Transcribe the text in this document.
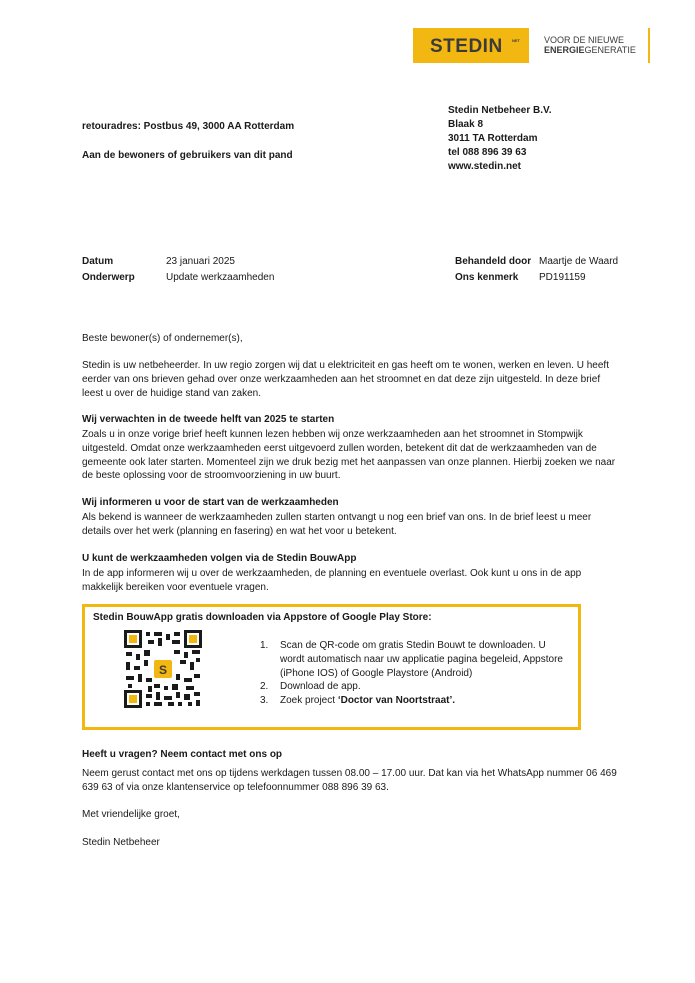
STEDIN NET	VOOR DE NIEUWE
ENERGIEGENERATIE
Stedin Netbeheer B.V.
Blaak 8
3011 TA Rotterdam
tel 088 896 39 63
www.stedin.net
retouradres: Postbus 49, 3000 AA Rotterdam
Aan de bewoners of gebruikers van dit pand
Datum	23 januari 2025
Onderwerp	Update werkzaamheden
Behandeld door Maartje de Waard
Ons kenmerk PD191159
Beste bewoner(s) of ondernemer(s),
Stedin is uw netbeheerder. In uw regio zorgen wij dat u elektriciteit en gas heeft om te wonen, werken en leven. U heeft eerder van ons brieven gehad over onze werkzaamheden aan het stroomnet en dat deze zijn uitgesteld. In deze brief leest u over de huidige stand van zaken.
Wij verwachten in de tweede helft van 2025 te starten
Zoals u in onze vorige brief heeft kunnen lezen hebben wij onze werkzaamheden aan het stroomnet in Stompwijk uitgesteld. Omdat onze werkzaamheden eerst uitgevoerd zullen worden, betekent dit dat de werkzaamheden van de gemeente ook later starten. Momenteel zijn we druk bezig met het aanpassen van onze plannen. Hierbij zoeken we naar de beste oplossing voor de stroomvoorziening in uw buurt.
Wij informeren u voor de start van de werkzaamheden
Als bekend is wanneer de werkzaamheden zullen starten ontvangt u nog een brief van ons. In de brief leest u meer details over het werk (planning en fasering) en wat het voor u betekent.
U kunt de werkzaamheden volgen via de Stedin BouwApp
In de app informeren wij u over de werkzaamheden, de planning en eventuele overlast. Ook kunt u ons in de app makkelijk bereiken voor eventuele vragen.
Stedin BouwApp gratis downloaden via Appstore of Google Play Store:
S
1. Scan de QR-code om gratis Stedin Bouwt te downloaden. U wordt automatisch naar uw applicatie pagina begeleid, Appstore (iPhone IOS) of Google Playstore (Android)
2. Download de app.
3. Zoek project ‘Doctor van Noortstraat’.
Heeft u vragen? Neem contact met ons op
Neem gerust contact met ons op tijdens werkdagen tussen 08.00 – 17.00 uur. Dat kan via het WhatsApp nummer 06 469 639 63 of via onze klantenservice op telefoonnummer 088 896 39 63.
Met vriendelijke groet,
Stedin Netbeheer
